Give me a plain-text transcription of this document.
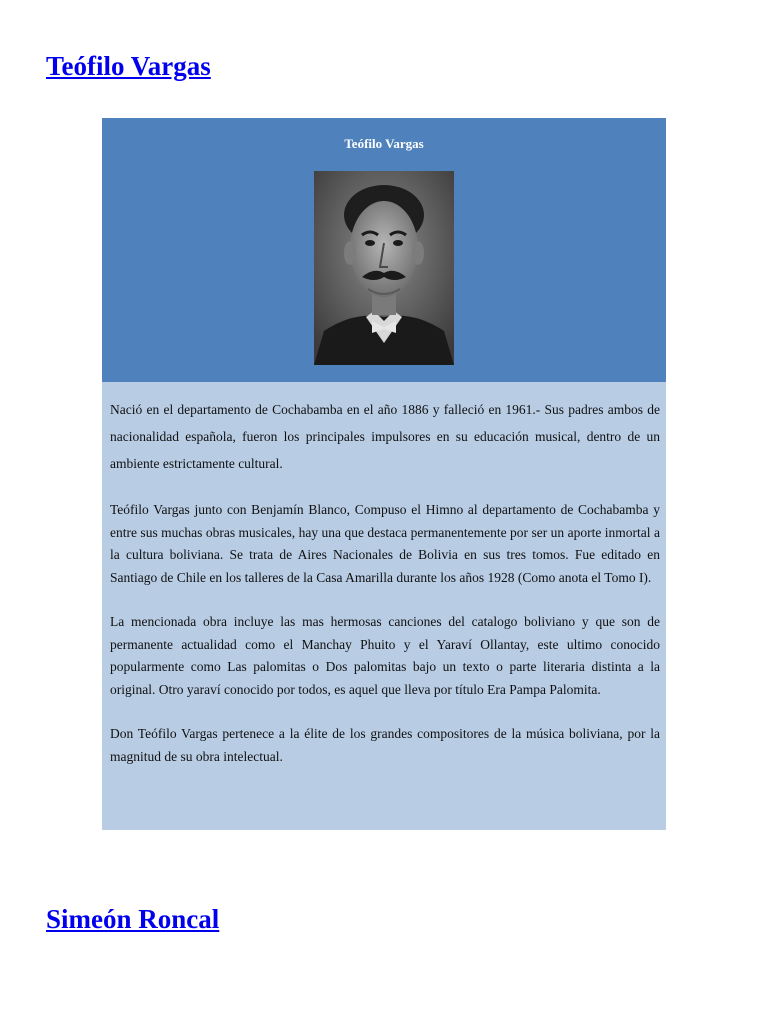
Teófilo Vargas
Teófilo Vargas

Nació en el departamento de Cochabamba en el año 1886 y falleció en 1961.- Sus padres ambos de nacionalidad española, fueron los principales impulsores en su educación musical, dentro de un ambiente estrictamente cultural.

Teófilo Vargas junto con Benjamín Blanco, Compuso el Himno al departamento de Cochabamba y entre sus muchas obras musicales, hay una que destaca permanentemente por ser un aporte inmortal a la cultura boliviana. Se trata de Aires Nacionales de Bolivia en sus tres tomos. Fue editado en Santiago de Chile en los talleres de la Casa Amarilla durante los años 1928 (Como anota el Tomo I).

La mencionada obra incluye las mas hermosas canciones del catalogo boliviano y que son de permanente actualidad como el Manchay Phuito y el Yaraví Ollantay, este ultimo conocido popularmente como Las palomitas o Dos palomitas bajo un texto o parte literaria distinta a la original. Otro yaraví conocido por todos, es aquel que lleva por título Era Pampa Palomita.

Don Teófilo Vargas pertenece a la élite de los grandes compositores de la música boliviana, por la magnitud de su obra intelectual.

Simeón Roncal
